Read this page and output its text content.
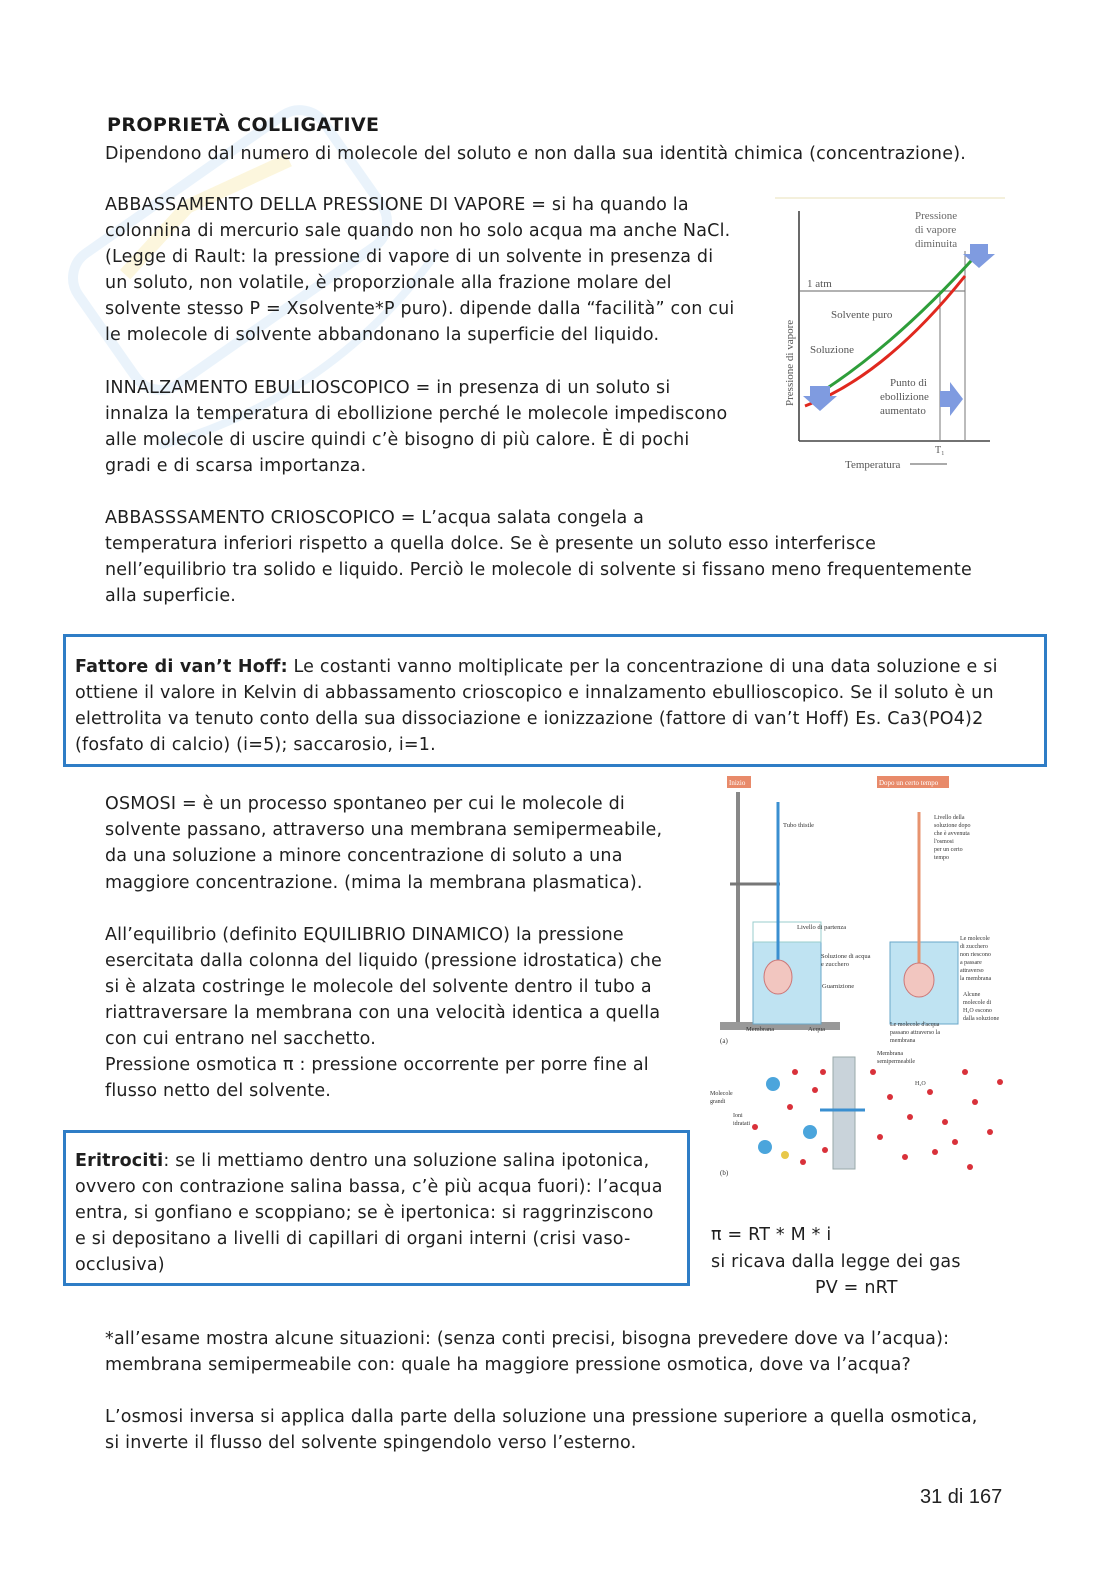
PROPRIETÀ COLLIGATIVE
Dipendono dal numero di molecole del soluto e non dalla sua identità chimica (concentrazione).
ABBASSAMENTO DELLA PRESSIONE DI VAPORE = si ha quando la
colonnina di mercurio sale quando non ho solo acqua ma anche NaCl.
(Legge di Rault: la pressione di vapore di un solvente in presenza di
un soluto, non volatile, è proporzionale alla frazione molare del
solvente stesso P = Xsolvente*P puro). dipende dalla “facilità” con cui
le molecole di solvente abbandonano la superficie del liquido.
INNALZAMENTO EBULLIOSCOPICO = in presenza di un soluto si
innalza la temperatura di ebollizione perché le molecole impediscono
alle molecole di uscire quindi c’è bisogno di più calore. È di pochi
gradi e di scarsa importanza.
Pressione
di vapore
diminuita
1 atm
Solvente puro
Soluzione
Punto di
ebollizione
aumentato
T₁
Temperatura
Pressione di vapore
ABBASSSAMENTO CRIOSCOPICO = L’acqua salata congela a
temperatura inferiori rispetto a quella dolce. Se è presente un soluto esso interferisce
nell’equilibrio tra solido e liquido. Perciò le molecole di solvente si fissano meno frequentemente
alla superficie.
Fattore di van’t Hoff: Le costanti vanno moltiplicate per la concentrazione di una data soluzione e si
ottiene il valore in Kelvin di abbassamento crioscopico e innalzamento ebullioscopico. Se il soluto è un
elettrolita va tenuto conto della sua dissociazione e ionizzazione (fattore di van’t Hoff) Es. Ca3(PO4)2
(fosfato di calcio) (i=5); saccarosio, i=1.
OSMOSI = è un processo spontaneo per cui le molecole di
solvente passano, attraverso una membrana semipermeabile,
da una soluzione a minore concentrazione di soluto a una
maggiore concentrazione. (mima la membrana plasmatica).
All’equilibrio (definito EQUILIBRIO DINAMICO) la pressione
esercitata dalla colonna del liquido (pressione idrostatica) che
si è alzata costringe le molecole del solvente dentro il tubo a
riattraversare la membrana con una velocità identica a quella
con cui entrano nel sacchetto.
Pressione osmotica π : pressione occorrente per porre fine al
flusso netto del solvente.
Inizio	Dopo un certo tempo
Tubo thistle
Livello di partenza
Soluzione di acqua
e zucchero
Guarnizione
Membrana	Acqua
(a)
Livello della
soluzione dopo
che è avvenuta
l'osmosi
per un certo
tempo
Le molecole
di zucchero
non riescono
a passare
attraverso
la membrana
Alcune
molecole di
H₂O escono
dalla soluzione
Le molecole d'acqua
passano attraverso la
membrana
Membrana
semipermeabile
H₂O
Molecole
grandi
Ioni
idratati
(b)
Eritrociti: se li mettiamo dentro una soluzione salina ipotonica,
ovvero con contrazione salina bassa, c’è più acqua fuori): l’acqua
entra, si gonfiano e scoppiano; se è ipertonica: si raggrinziscono
e si depositano a livelli di capillari di organi interni (crisi vaso-
occlusiva)
π = RT * M * i
si ricava dalla legge dei gas
PV = nRT
*all’esame mostra alcune situazioni: (senza conti precisi, bisogna prevedere dove va l’acqua):
membrana semipermeabile con: quale ha maggiore pressione osmotica, dove va l’acqua?
L’osmosi inversa si applica dalla parte della soluzione una pressione superiore a quella osmotica,
si inverte il flusso del solvente spingendolo verso l’esterno.
31 di 167
